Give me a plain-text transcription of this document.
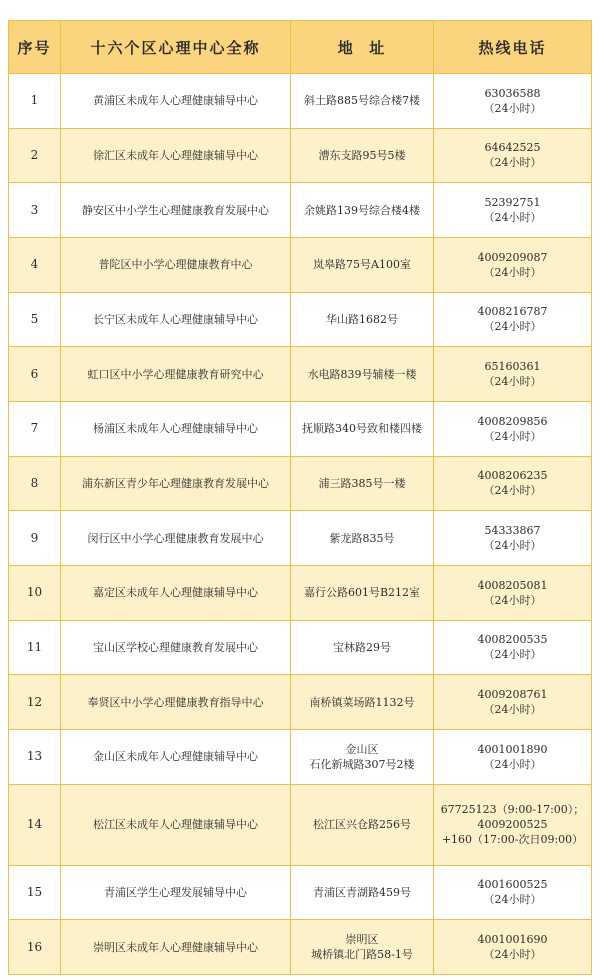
序号	十六个区心理中心全称	地  址	热线电话
1	黄浦区未成年人心理健康辅导中心	斜土路885号综合楼7楼	63036588
（24小时）

2	徐汇区未成年人心理健康辅导中心	漕东支路95号5楼	64642525
（24小时）

3	静安区中小学生心理健康教育发展中心	余姚路139号综合楼4楼	52392751
（24小时）

4	普陀区中小学心理健康教育中心	岚皋路75号A100室	4009209087
（24小时）

5	长宁区未成年人心理健康辅导中心	华山路1682号	4008216787
（24小时）

6	虹口区中小学心理健康教育研究中心	水电路839号辅楼一楼	65160361
（24小时）

7	杨浦区未成年人心理健康辅导中心	抚顺路340号致和楼四楼	4008209856
（24小时）

8	浦东新区青少年心理健康教育发展中心	浦三路385号一楼	4008206235
（24小时）

9	闵行区中小学心理健康教育发展中心	紫龙路835号	54333867
（24小时）

10	嘉定区未成年人心理健康辅导中心	嘉行公路601号B212室	4008205081
（24小时）

11	宝山区学校心理健康教育发展中心	宝林路29号	4008200535
（24小时）

12	奉贤区中小学心理健康教育指导中心	南桥镇菜场路1132号	4009208761
（24小时）

13	金山区未成年人心理健康辅导中心	金山区
石化新城路307号2楼	4001001890
（24小时）

14	松江区未成年人心理健康辅导中心	松江区兴仓路256号	67725123（9:00-17:00）；
4009200525
+160（17:00-次日09:00）

15	青浦区学生心理发展辅导中心	青浦区青湖路459号	4001600525
（24小时）

16	崇明区未成年人心理健康辅导中心	崇明区
城桥镇北门路58-1号	4001001690
（24小时）
